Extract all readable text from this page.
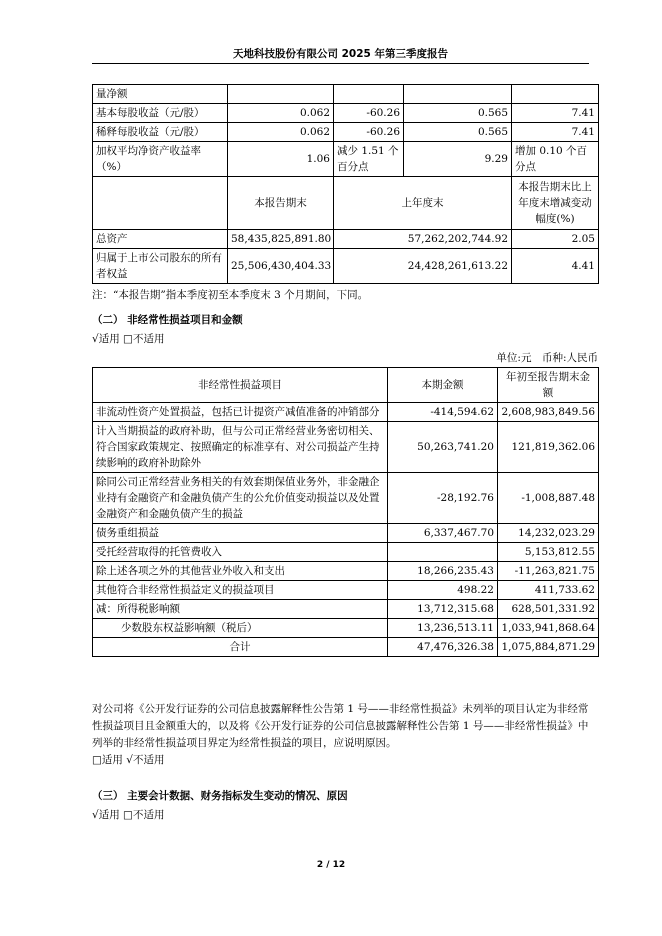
天地科技股份有限公司 2025 年第三季度报告
量净额				
基本每股收益（元/股）	0.062	-60.26	0.565	7.41
稀释每股收益（元/股）	0.062	-60.26	0.565	7.41
加权平均净资产收益率（%）	1.06	减少 1.51 个百分点	9.29	增加 0.10 个百分点
	本报告期末	上年度末		本报告期末比上年度末增减变动幅度(%)
总资产	58,435,825,891.80	57,262,202,744.92		2.05
归属于上市公司股东的所有者权益	25,506,430,404.33	24,428,261,613.22		4.41
注：“本报告期”指本季度初至本季度末 3 个月期间，下同。
（二） 非经常性损益项目和金额
√适用 □不适用
单位:元　币种:人民币
非经常性损益项目	本期金额	年初至报告期末金额
非流动性资产处置损益，包括已计提资产减值准备的冲销部分	-414,594.62	2,608,983,849.56
计入当期损益的政府补助，但与公司正常经营业务密切相关、符合国家政策规定、按照确定的标准享有、对公司损益产生持续影响的政府补助除外	50,263,741.20	121,819,362.06
除同公司正常经营业务相关的有效套期保值业务外，非金融企业持有金融资产和金融负债产生的公允价值变动损益以及处置金融资产和金融负债产生的损益	-28,192.76	-1,008,887.48
债务重组损益	6,337,467.70	14,232,023.29
受托经营取得的托管费收入		5,153,812.55
除上述各项之外的其他营业外收入和支出	18,266,235.43	-11,263,821.75
其他符合非经常性损益定义的损益项目	498.22	411,733.62
减：所得税影响额	13,712,315.68	628,501,331.92
少数股东权益影响额（税后）	13,236,513.11	1,033,941,868.64
合计	47,476,326.38	1,075,884,871.29
对公司将《公开发行证券的公司信息披露解释性公告第 1 号——非经常性损益》未列举的项目认定为非经常性损益项目且金额重大的，以及将《公开发行证券的公司信息披露解释性公告第 1 号——非经常性损益》中列举的非经常性损益项目界定为经常性损益的项目，应说明原因。
□适用 √不适用
（三） 主要会计数据、财务指标发生变动的情况、原因
√适用 □不适用
2 / 12
